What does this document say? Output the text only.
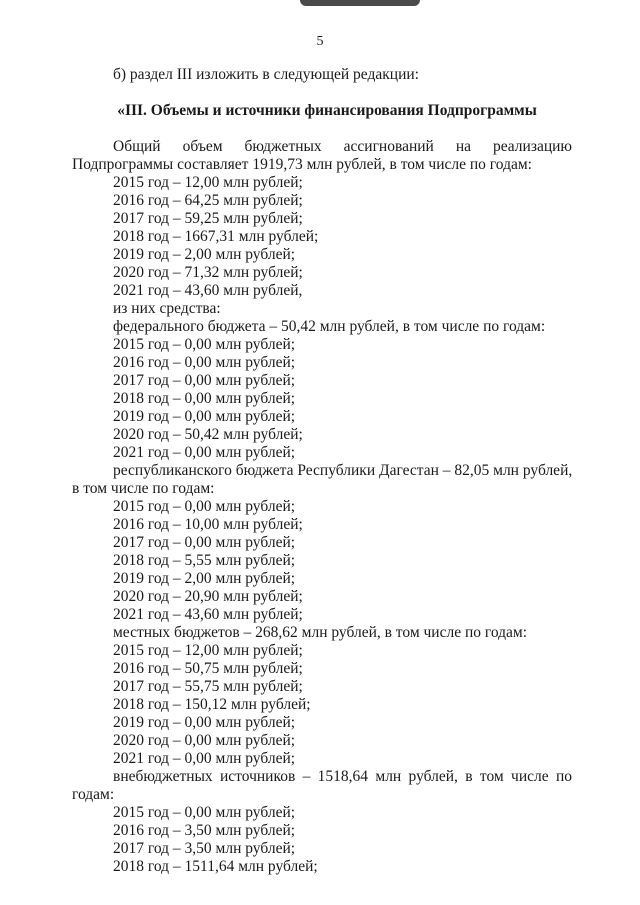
5
б) раздел III изложить в следующей редакции:
«III. Объемы и источники финансирования Подпрограммы
Общий объем бюджетных ассигнований на реализацию
Подпрограммы составляет 1919,73 млн рублей, в том числе по годам:
2015 год – 12,00 млн рублей;
2016 год – 64,25 млн рублей;
2017 год – 59,25 млн рублей;
2018 год – 1667,31 млн рублей;
2019 год – 2,00 млн рублей;
2020 год – 71,32 млн рублей;
2021 год – 43,60 млн рублей,
из них средства:
федерального бюджета – 50,42 млн рублей, в том числе по годам:
2015 год – 0,00 млн рублей;
2016 год – 0,00 млн рублей;
2017 год – 0,00 млн рублей;
2018 год – 0,00 млн рублей;
2019 год – 0,00 млн рублей;
2020 год – 50,42 млн рублей;
2021 год – 0,00 млн рублей;
республиканского бюджета Республики Дагестан – 82,05 млн рублей,
в том числе по годам:
2015 год – 0,00 млн рублей;
2016 год – 10,00 млн рублей;
2017 год – 0,00 млн рублей;
2018 год – 5,55 млн рублей;
2019 год – 2,00 млн рублей;
2020 год – 20,90 млн рублей;
2021 год – 43,60 млн рублей;
местных бюджетов – 268,62 млн рублей, в том числе по годам:
2015 год – 12,00 млн рублей;
2016 год – 50,75 млн рублей;
2017 год – 55,75 млн рублей;
2018 год – 150,12 млн рублей;
2019 год – 0,00 млн рублей;
2020 год – 0,00 млн рублей;
2021 год – 0,00 млн рублей;
внебюджетных источников – 1518,64 млн рублей, в том числе по
годам:
2015 год – 0,00 млн рублей;
2016 год – 3,50 млн рублей;
2017 год – 3,50 млн рублей;
2018 год – 1511,64 млн рублей;
